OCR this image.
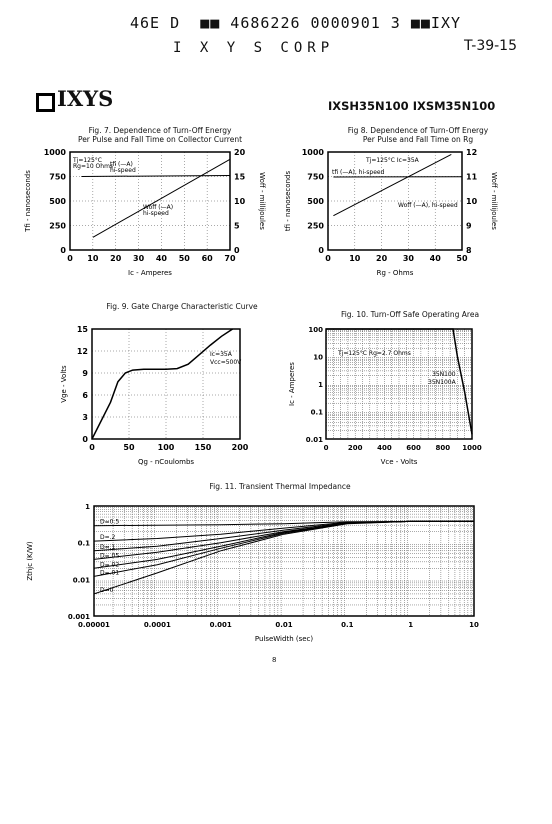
46E D  ■■ 4686226 0000901 3 ■■IXY
I X Y S CORP	T-39-15
IXYS	IXSH35N100 IXSM35N100
Fig. 7. Dependence of Turn-Off Energy
Per Pulse and Fall Time on Collector Current
Fig 8. Dependence of Turn-Off Energy
Per Pulse and Fall Time on Rg
Fig. 9. Gate Charge Characteristic Curve
Fig. 10. Turn-Off Safe Operating Area
Fig. 11. Transient Thermal Impedance
0 10 20 30 40 50 60 70
0
250
500
750
1000
0
5
10
15
20
Ic - Amperes
Tfi - nanoseconds	Woff - millijoules
Tj=125°C
Rg=10 Ohms
tfi (—A)
hi-speed
Woff (—A)
hi-speed
0 10 20 30 40 50
0
250
500
750
1000
8
9
10
11
12
Rg - Ohms
tfi - nanoseconds	Woff - millijoules
Tj=125°C Ic=35A
tfi (—A), hi-speed
Woff (—A), hi-speed
0	50	100	150	200
0
3
6
9
12
15
Qg - nCoulombs
Vge - Volts
Ic=35A
Vcc=500V
0	200 400 600 800 1000
0.01
0.1
1
10
100
Vce - Volts
Ic - Amperes
Tj=125°C Rg=2.7 Ohms
35N100
35N100A
0.00001	0.0001	0.001	0.01	0.1	1	10
0.001
0.01
0.1
1
PulseWidth (sec)
Zthjc (K/W)
D=0.5
D=.2
D=.1
D=.05
D=.02
D=.01
D=0
8
